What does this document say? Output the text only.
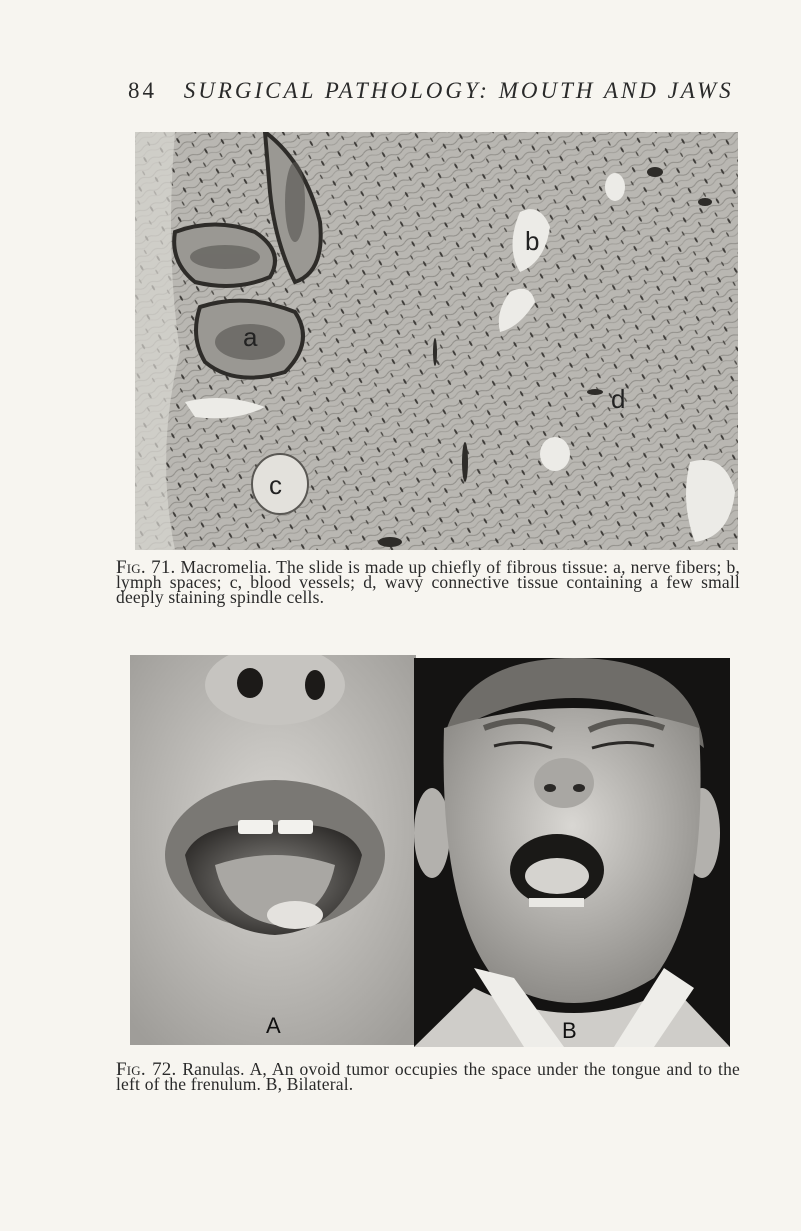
84 SURGICAL PATHOLOGY: MOUTH AND JAWS
b
a
d
c
Fig. 71. Macromelia. The slide is made up chiefly of fibrous tissue: a, nerve fibers; b, lymph spaces; c, blood vessels; d, wavy connective tissue containing a few small deeply staining spindle cells.
A	B
Fig. 72. Ranulas. A, An ovoid tumor occupies the space under the tongue and to the left of the frenulum. B, Bilateral.
